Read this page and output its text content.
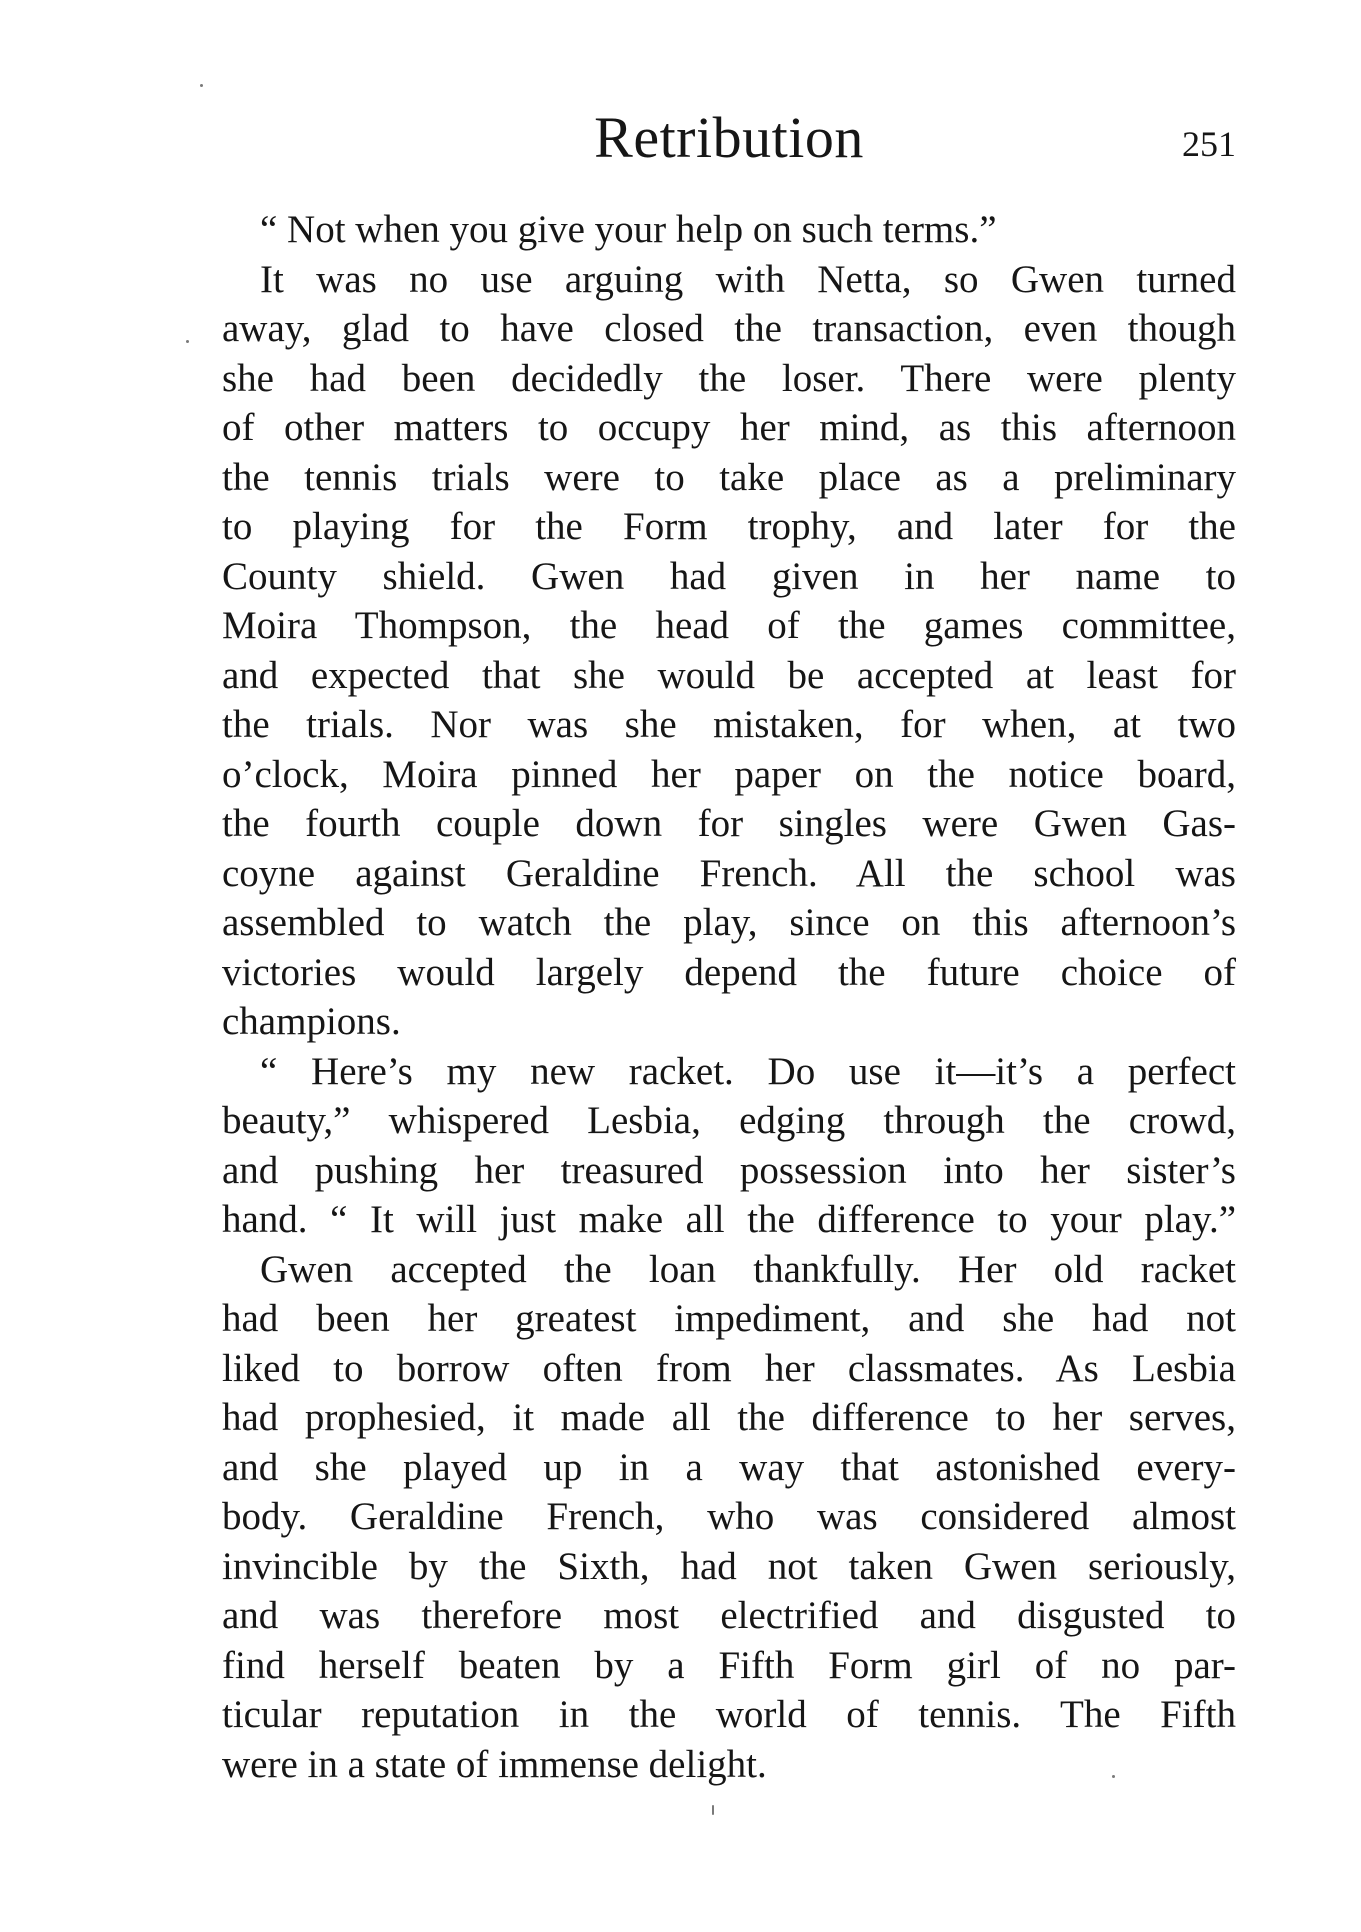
Retribution	251
“ Not when you give your help on such terms.”
It was no use arguing with Netta, so Gwen turned
away, glad to have closed the transaction, even though
she had been decidedly the loser. There were plenty
of other matters to occupy her mind, as this afternoon
the tennis trials were to take place as a preliminary
to playing for the Form trophy, and later for the
County shield. Gwen had given in her name to
Moira Thompson, the head of the games committee,
and expected that she would be accepted at least for
the trials. Nor was she mistaken, for when, at two
o’clock, Moira pinned her paper on the notice board,
the fourth couple down for singles were Gwen Gas-
coyne against Geraldine French. All the school was
assembled to watch the play, since on this afternoon’s
victories would largely depend the future choice of
champions.
“ Here’s my new racket. Do use it—it’s a perfect
beauty,” whispered Lesbia, edging through the crowd,
and pushing her treasured possession into her sister’s
hand. “ It will just make all the difference to your play.”
Gwen accepted the loan thankfully. Her old racket
had been her greatest impediment, and she had not
liked to borrow often from her classmates. As Lesbia
had prophesied, it made all the difference to her serves,
and she played up in a way that astonished every-
body. Geraldine French, who was considered almost
invincible by the Sixth, had not taken Gwen seriously,
and was therefore most electrified and disgusted to
find herself beaten by a Fifth Form girl of no par-
ticular reputation in the world of tennis. The Fifth
were in a state of immense delight.
